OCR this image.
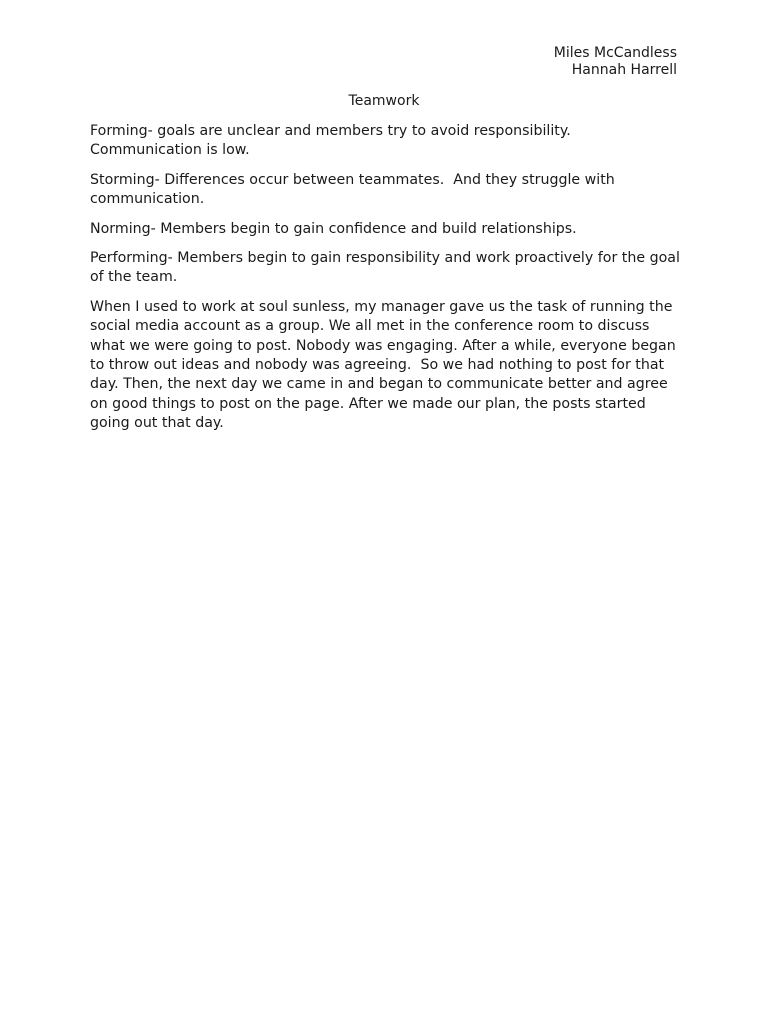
Miles McCandless
Hannah Harrell
Teamwork

Forming- goals are unclear and members try to avoid responsibility. Communication is low.

Storming- Differences occur between teammates.  And they struggle with communication.

Norming- Members begin to gain confidence and build relationships.

Performing- Members begin to gain responsibility and work proactively for the goal of the team.

When I used to work at soul sunless, my manager gave us the task of running the social media account as a group. We all met in the conference room to discuss what we were going to post. Nobody was engaging. After a while, everyone began to throw out ideas and nobody was agreeing.  So we had nothing to post for that day. Then, the next day we came in and began to communicate better and agree on good things to post on the page. After we made our plan, the posts started going out that day.
